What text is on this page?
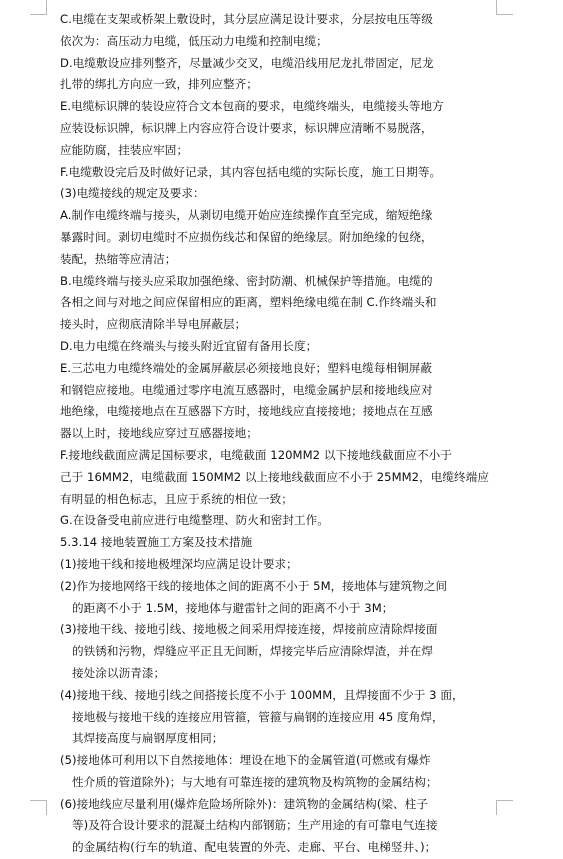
C.电缆在支架或桥架上敷设时，其分层应满足设计要求，分层按电压等级
依次为：高压动力电缆，低压动力电缆和控制电缆；
D.电缆敷设应排列整齐，尽量减少交叉，电缆沿线用尼龙扎带固定，尼龙
扎带的绑扎方向应一致，排列应整齐；
E.电缆标识牌的装设应符合文本包商的要求，电缆终端头，电缆接头等地方
应装设标识牌，标识牌上内容应符合设计要求，标识牌应清晰不易脱落，
应能防腐，挂装应牢固；
F.电缆敷设完后及时做好记录，其内容包括电缆的实际长度，施工日期等。
(3)电缆接线的规定及要求：
A.制作电缆终端与接头，从剥切电缆开始应连续操作直至完成，缩短绝缘
暴露时间。剥切电缆时不应损伤线芯和保留的绝缘层。附加绝缘的包绕，
装配，热缩等应清洁；
B.电缆终端与接头应采取加强绝缘、密封防潮、机械保护等措施。电缆的
各相之间与对地之间应保留相应的距离，塑料绝缘电缆在制 C.作终端头和
接头时，应彻底清除半导电屏蔽层；
D.电力电缆在终端头与接头附近宜留有备用长度；
E.三芯电力电缆终端处的金属屏蔽层必须接地良好；塑料电缆每相铜屏蔽
和钢铠应接地。电缆通过零序电流互感器时，电缆金属护层和接地线应对
地绝缘，电缆接地点在互感器下方时，接地线应直接接地；接地点在互感
器以上时，接地线应穿过互感器接地；
F.接地线截面应满足国标要求，电缆截面 120MM2 以下接地线截面应不小于
己于 16MM2，电缆截面 150MM2 以上接地线截面应不小于 25MM2，电缆终端应
有明显的相色标志，且应于系统的相位一致；
G.在设备受电前应进行电缆整理、防火和密封工作。
5.3.14 接地装置施工方案及技术措施
(1)接地干线和接地极埋深均应满足设计要求；
(2)作为接地网络干线的接地体之间的距离不小于 5M，接地体与建筑物之间
的距离不小于 1.5M，接地体与避雷针之间的距离不小于 3M；
(3)接地干线、接地引线、接地极之间采用焊接连接，焊接前应清除焊接面
的铁锈和污物，焊缝应平正且无间断，焊接完毕后应清除焊渣，并在焊
接处涂以沥青漆；
(4)接地干线、接地引线之间搭接长度不小于 100MM，且焊接面不少于 3 面，
接地极与接地干线的连接应用管箍，管箍与扁钢的连接应用 45 度角焊，
其焊接高度与扁钢厚度相同；
(5)接地体可利用以下自然接地体：埋设在地下的金属管道(可燃或有爆炸
性介质的管道除外)；与大地有可靠连接的建筑物及构筑物的金属结构；
(6)接地线应尽量利用(爆炸危险场所除外)：建筑物的金属结构(梁、柱子
等)及符合设计要求的混凝土结构内部钢筋；生产用途的有可靠电气连接
的金属结构(行车的轨道、配电装置的外壳、走廊、平台、电梯竖井、)；
